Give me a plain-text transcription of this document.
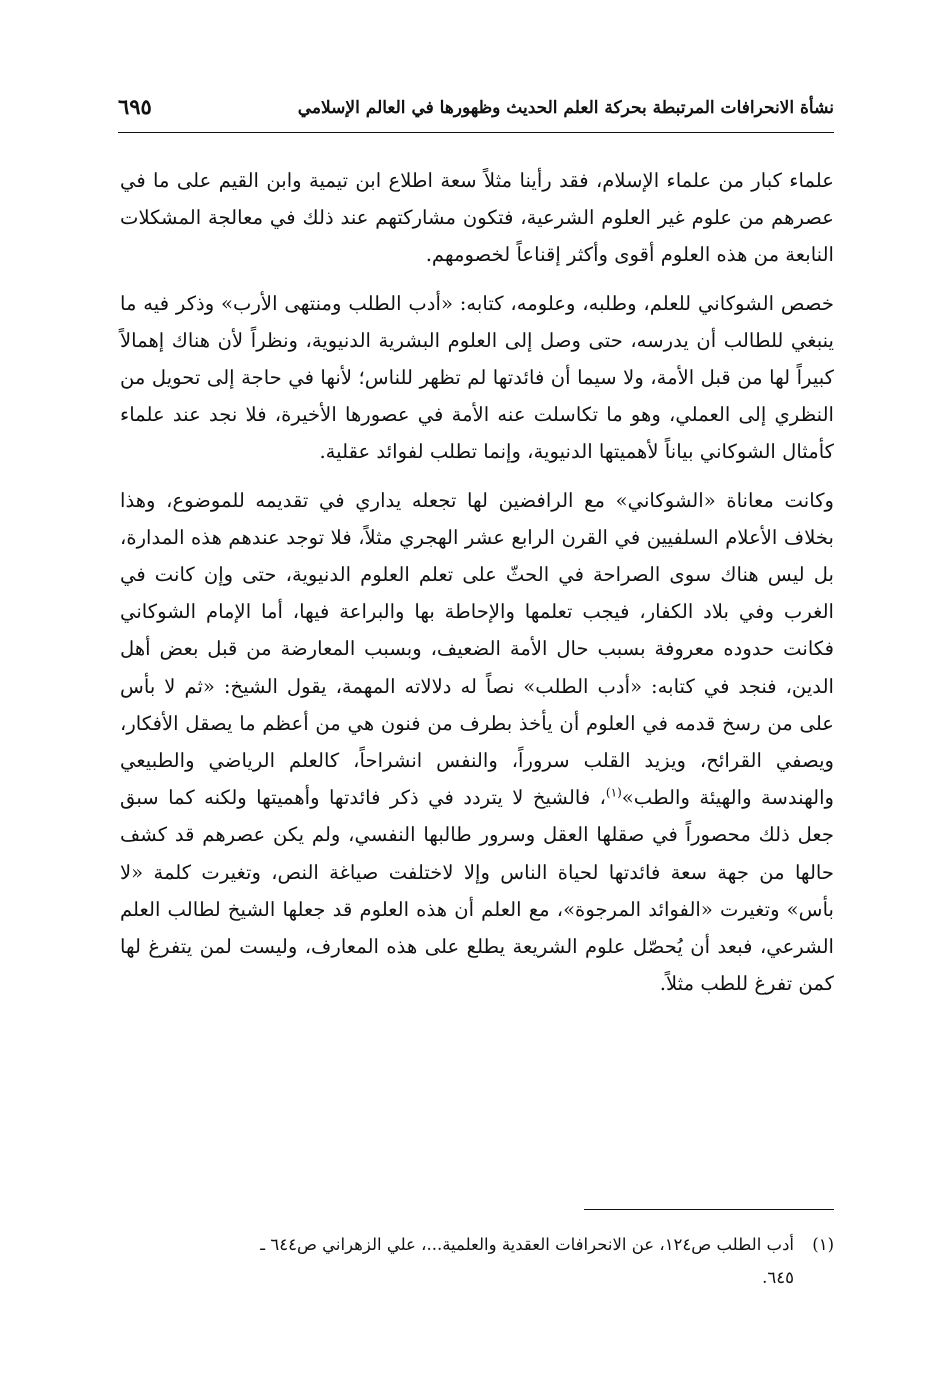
نشأة الانحرافات المرتبطة بحركة العلم الحديث وظهورها في العالم الإسلامي
٦٩٥

علماء كبار من علماء الإسلام، فقد رأينا مثلاً سعة اطلاع ابن تيمية وابن القيم على ما في عصرهم من علوم غير العلوم الشرعية، فتكون مشاركتهم عند ذلك في معالجة المشكلات النابعة من هذه العلوم أقوى وأكثر إقناعاً لخصومهم.

خصص الشوكاني للعلم، وطلبه، وعلومه، كتابه: «أدب الطلب ومنتهى الأرب» وذكر فيه ما ينبغي للطالب أن يدرسه، حتى وصل إلى العلوم البشرية الدنيوية، ونظراً لأن هناك إهمالاً كبيراً لها من قبل الأمة، ولا سيما أن فائدتها لم تظهر للناس؛ لأنها في حاجة إلى تحويل من النظري إلى العملي، وهو ما تكاسلت عنه الأمة في عصورها الأخيرة، فلا نجد عند علماء كأمثال الشوكاني بياناً لأهميتها الدنيوية، وإنما تطلب لفوائد عقلية.

وكانت معاناة «الشوكاني» مع الرافضين لها تجعله يداري في تقديمه للموضوع، وهذا بخلاف الأعلام السلفيين في القرن الرابع عشر الهجري مثلاً، فلا توجد عندهم هذه المدارة، بل ليس هناك سوى الصراحة في الحثّ على تعلم العلوم الدنيوية، حتى وإن كانت في الغرب وفي بلاد الكفار، فيجب تعلمها والإحاطة بها والبراعة فيها، أما الإمام الشوكاني فكانت حدوده معروفة بسبب حال الأمة الضعيف، وبسبب المعارضة من قبل بعض أهل الدين، فنجد في كتابه: «أدب الطلب» نصاً له دلالاته المهمة، يقول الشيخ: «ثم لا بأس على من رسخ قدمه في العلوم أن يأخذ بطرف من فنون هي من أعظم ما يصقل الأفكار، ويصفي القرائح، ويزيد القلب سروراً، والنفس انشراحاً، كالعلم الرياضي والطبيعي والهندسة والهيئة والطب»$^{(١)}$، فالشيخ لا يتردد في ذكر فائدتها وأهميتها ولكنه كما سبق جعل ذلك محصوراً في صقلها العقل وسرور طالبها النفسي، ولم يكن عصرهم قد كشف حالها من جهة سعة فائدتها لحياة الناس وإلا لاختلفت صياغة النص، وتغيرت كلمة «لا بأس» وتغيرت «الفوائد المرجوة»، مع العلم أن هذه العلوم قد جعلها الشيخ لطالب العلم الشرعي، فبعد أن يُحصّل علوم الشريعة يطلع على هذه المعارف، وليست لمن يتفرغ لها كمن تفرغ للطب مثلاً.

(١)أدب الطلب ص١٢٤، عن الانحرافات العقدية والعلمية...، علي الزهراني ص٦٤٤ ـ
٦٤٥.
